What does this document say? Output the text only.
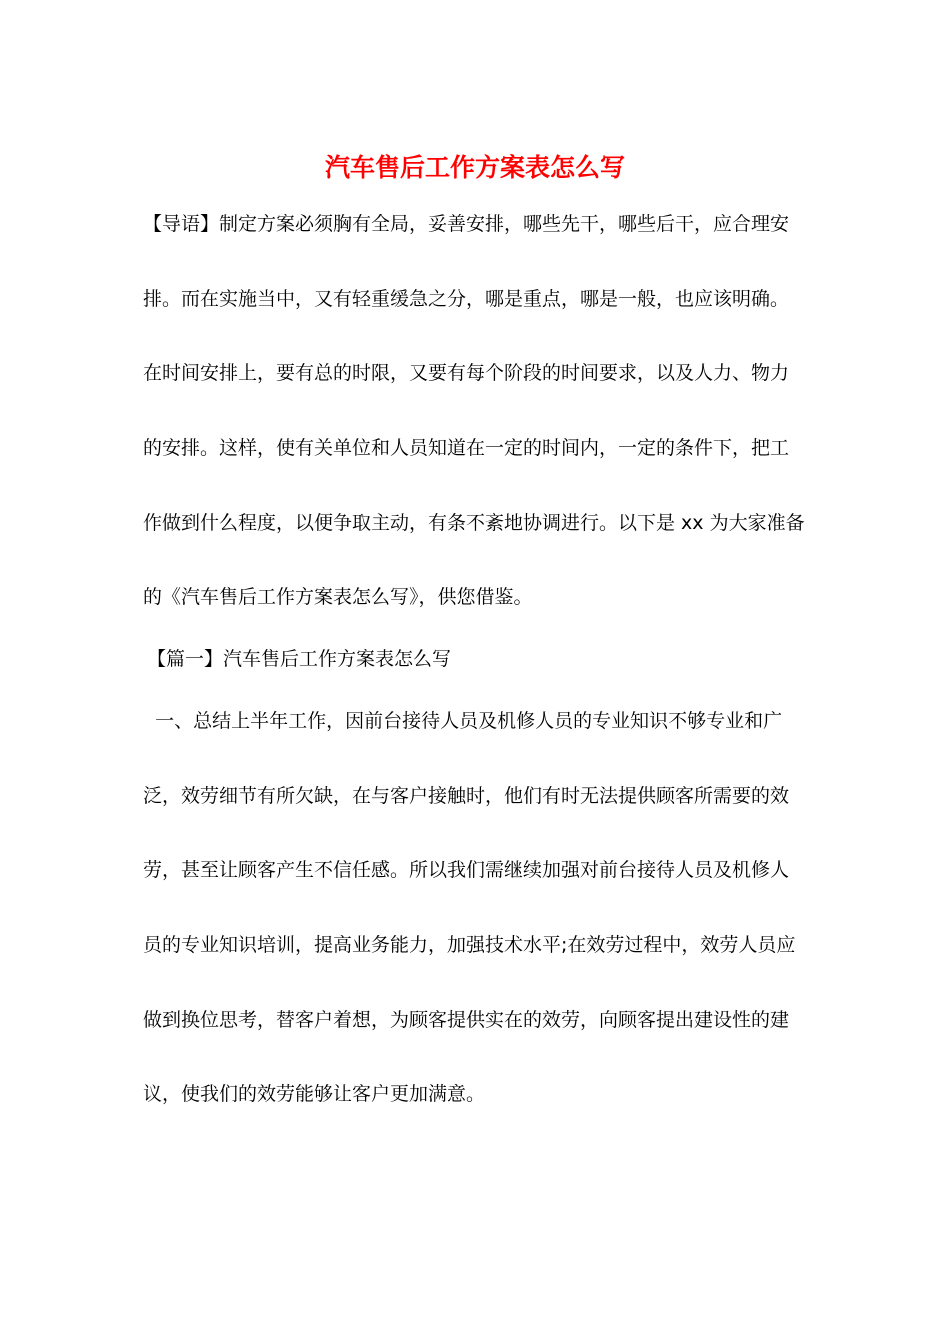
汽车售后工作方案表怎么写

【导语】制定方案必须胸有全局，妥善安排，哪些先干，哪些后干，应合理安

排。而在实施当中，又有轻重缓急之分，哪是重点，哪是一般，也应该明确。

在时间安排上，要有总的时限，又要有每个阶段的时间要求，以及人力、物力

的安排。这样，使有关单位和人员知道在一定的时间内，一定的条件下，把工

作做到什么程度，以便争取主动，有条不紊地协调进行。以下是 xx 为大家准备

的《汽车售后工作方案表怎么写》，供您借鉴。

【篇一】汽车售后工作方案表怎么写

一、总结上半年工作，因前台接待人员及机修人员的专业知识不够专业和广

泛，效劳细节有所欠缺，在与客户接触时，他们有时无法提供顾客所需要的效

劳，甚至让顾客产生不信任感。所以我们需继续加强对前台接待人员及机修人

员的专业知识培训，提高业务能力，加强技术水平;在效劳过程中，效劳人员应

做到换位思考，替客户着想，为顾客提供实在的效劳，向顾客提出建设性的建

议，使我们的效劳能够让客户更加满意。
